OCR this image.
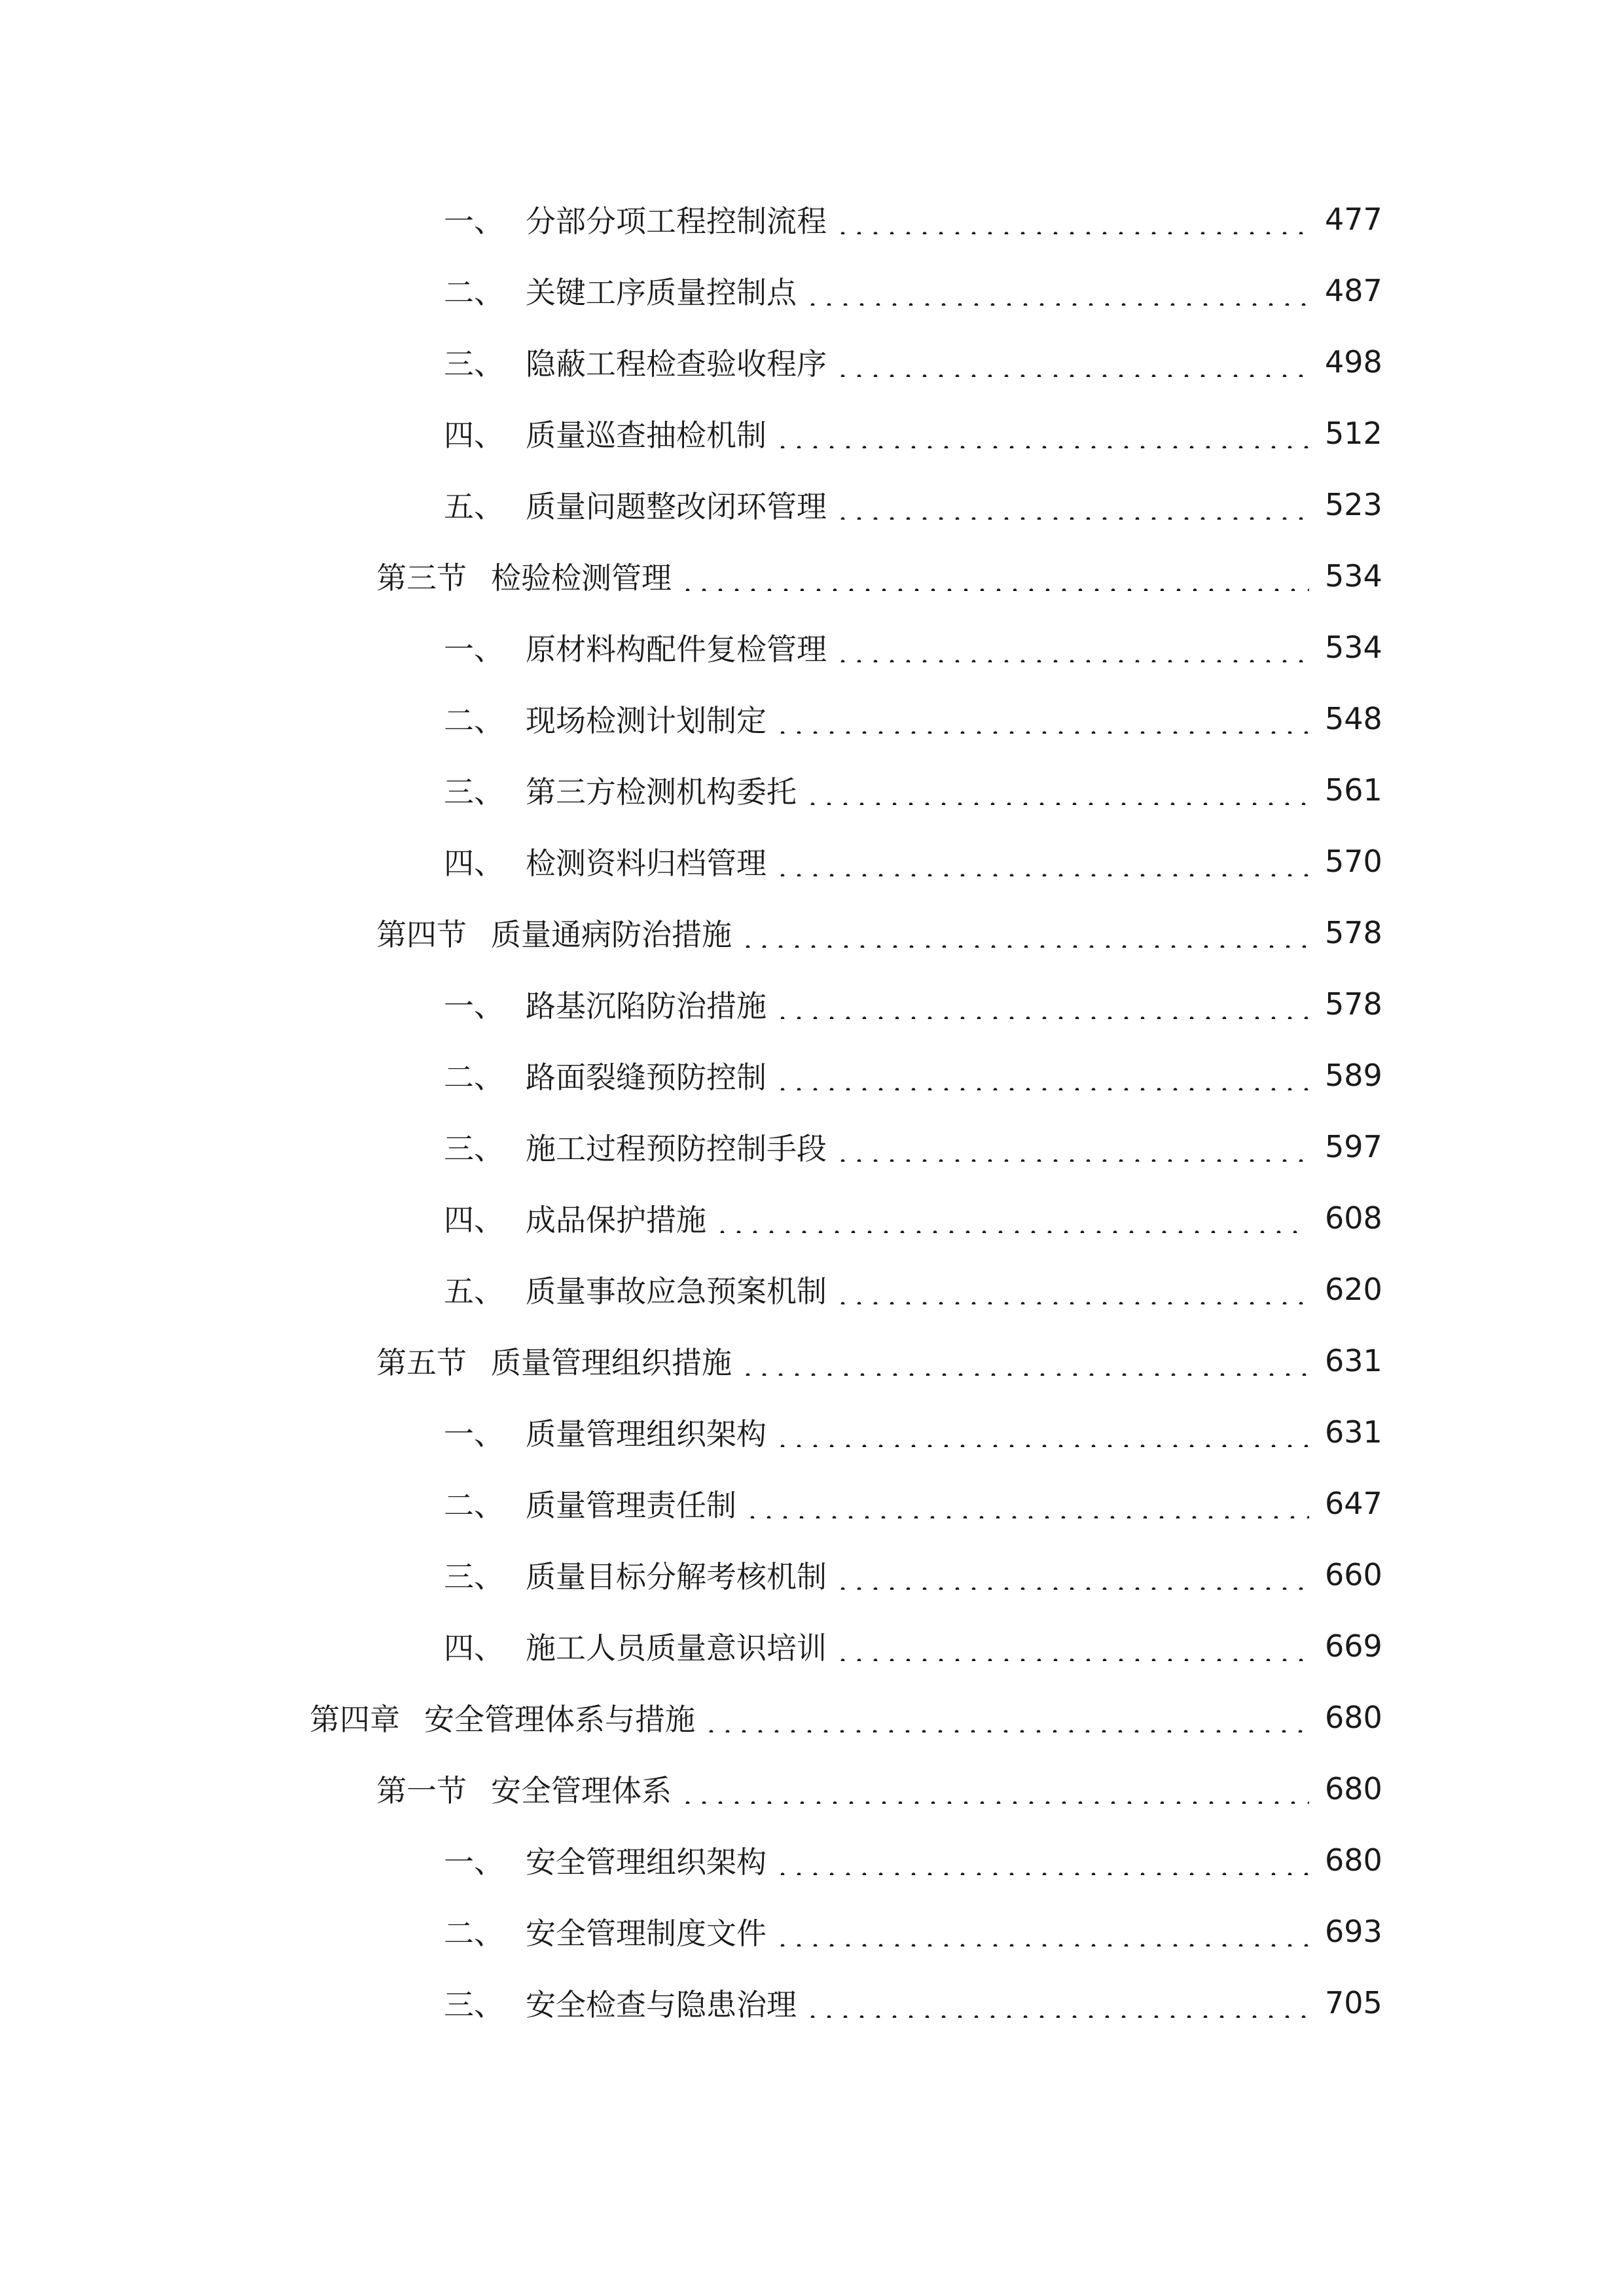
一、 分部分项工程控制流程	477
二、 关键工序质量控制点	487
三、 隐蔽工程检查验收程序	498
四、 质量巡查抽检机制	512
五、 质量问题整改闭环管理	523
第三节 检验检测管理	534
一、 原材料构配件复检管理	534
二、 现场检测计划制定	548
三、 第三方检测机构委托	561
四、 检测资料归档管理	570
第四节 质量通病防治措施	578
一、 路基沉陷防治措施	578
二、 路面裂缝预防控制	589
三、 施工过程预防控制手段	597
四、 成品保护措施	608
五、 质量事故应急预案机制	620
第五节 质量管理组织措施	631
一、 质量管理组织架构	631
二、 质量管理责任制	647
三、 质量目标分解考核机制	660
四、 施工人员质量意识培训	669
第四章 安全管理体系与措施	680
第一节 安全管理体系	680
一、 安全管理组织架构	680
二、 安全管理制度文件	693
三、 安全检查与隐患治理	705
